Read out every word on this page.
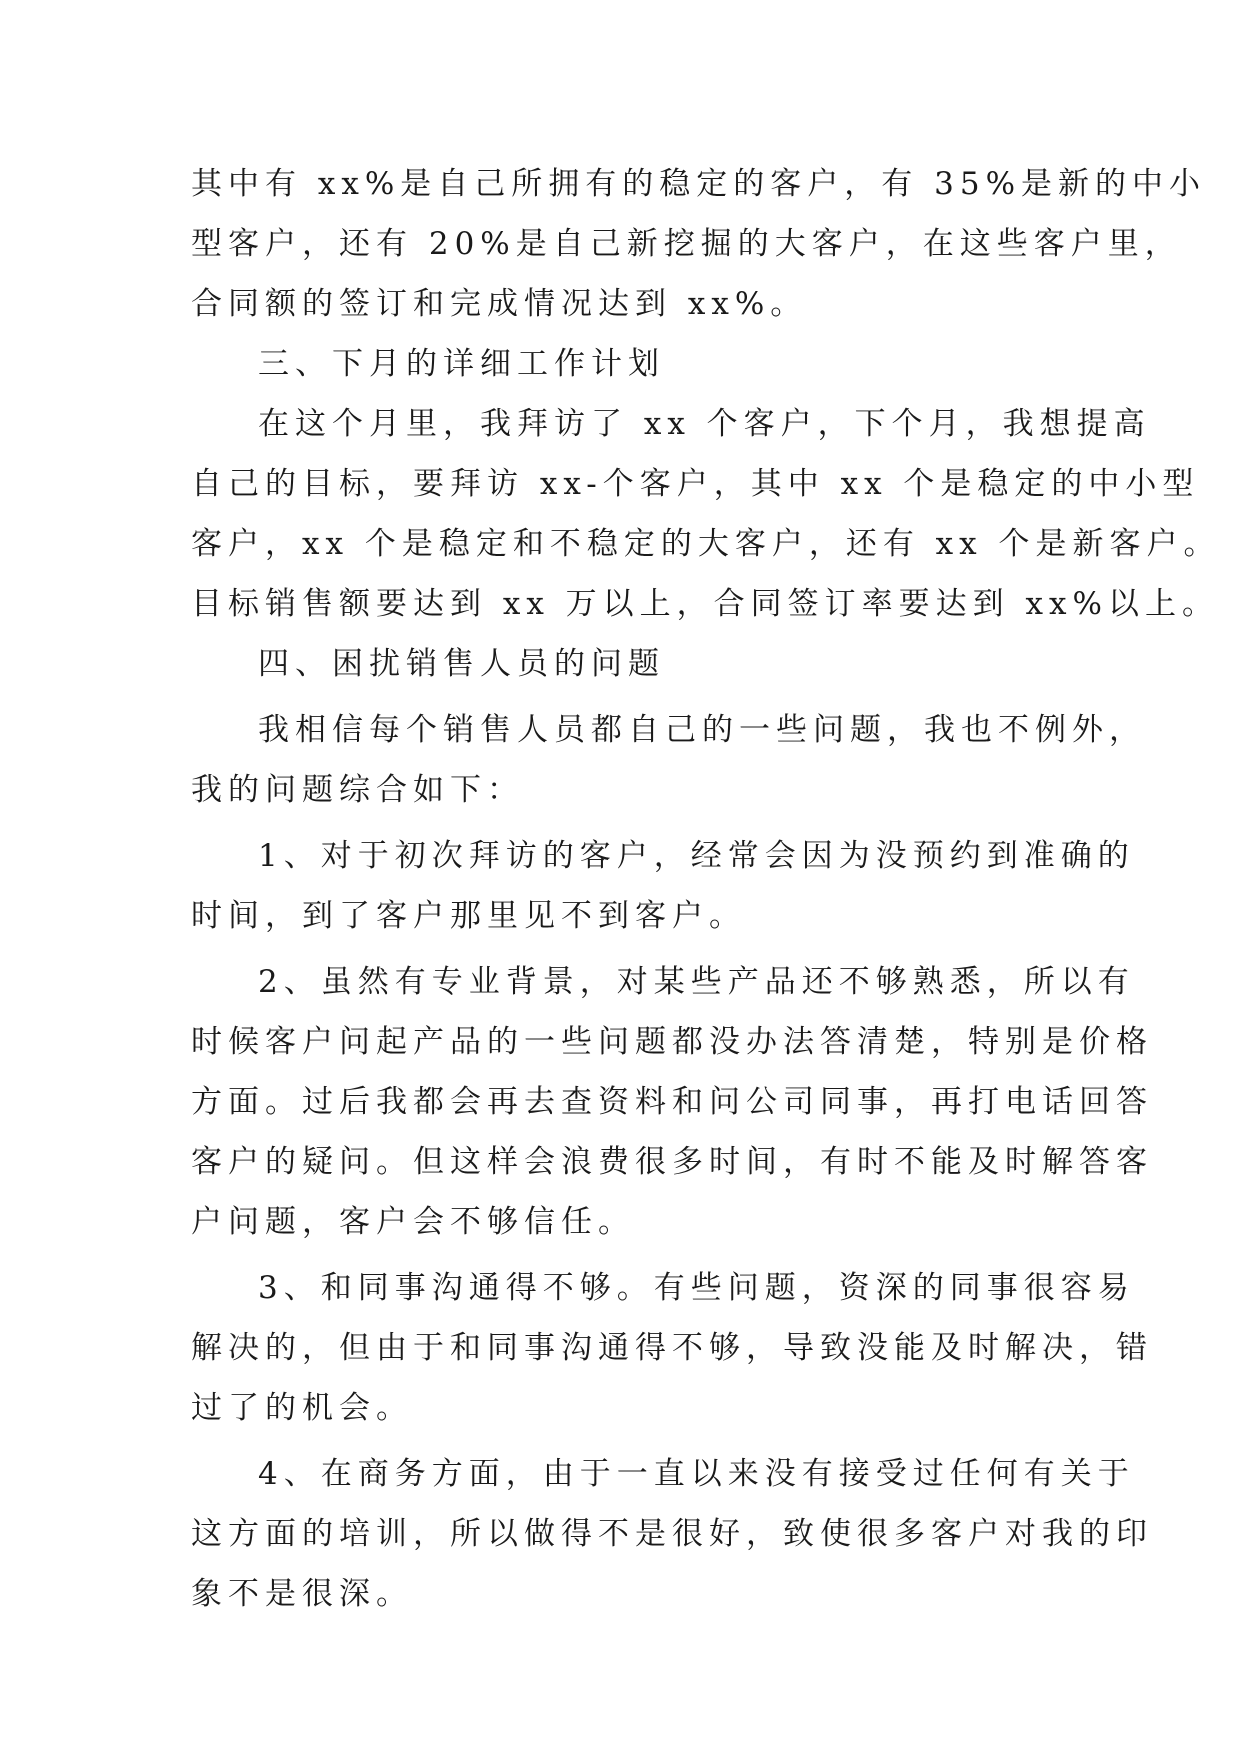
其中有 xx%是自己所拥有的稳定的客户，有 35%是新的中小
型客户，还有 20%是自己新挖掘的大客户，在这些客户里，
合同额的签订和完成情况达到 xx%。
三、下月的详细工作计划
在这个月里，我拜访了 xx 个客户，下个月，我想提高
自己的目标，要拜访 xx-个客户，其中 xx 个是稳定的中小型
客户，xx 个是稳定和不稳定的大客户，还有 xx 个是新客户。
目标销售额要达到 xx 万以上，合同签订率要达到 xx%以上。
四、困扰销售人员的问题
我相信每个销售人员都自己的一些问题，我也不例外，
我的问题综合如下：
1、对于初次拜访的客户，经常会因为没预约到准确的
时间，到了客户那里见不到客户。
2、虽然有专业背景，对某些产品还不够熟悉，所以有
时候客户问起产品的一些问题都没办法答清楚，特别是价格
方面。过后我都会再去查资料和问公司同事，再打电话回答
客户的疑问。但这样会浪费很多时间，有时不能及时解答客
户问题，客户会不够信任。
3、和同事沟通得不够。有些问题，资深的同事很容易
解决的，但由于和同事沟通得不够，导致没能及时解决，错
过了的机会。
4、在商务方面，由于一直以来没有接受过任何有关于
这方面的培训，所以做得不是很好，致使很多客户对我的印
象不是很深。
